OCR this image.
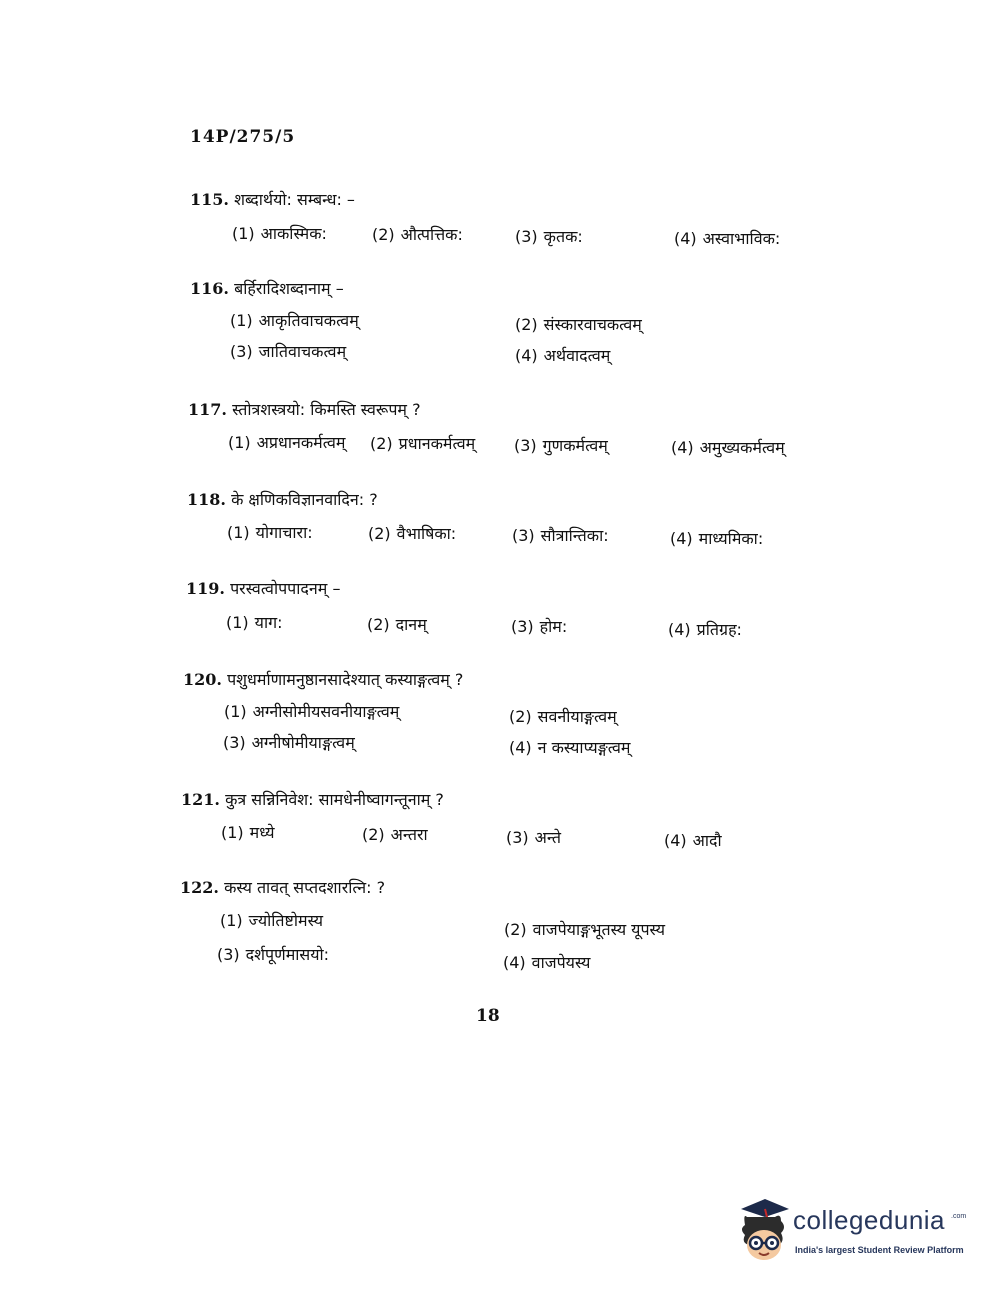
14P/275/5
115. शब्दार्थयो: सम्बन्ध: –
(1) आकस्मिक:	(2) औत्पत्तिक:	(3) कृतक:	(4) अस्वाभाविक:
116. बर्हिरादिशब्दानाम् –
(1) आकृतिवाचकत्वम्	(2) संस्कारवाचकत्वम्
(3) जातिवाचकत्वम्	(4) अर्थवादत्वम्
117. स्तोत्रशस्त्रयो: किमस्ति स्वरूपम् ?
(1) अप्रधानकर्मत्वम् (2) प्रधानकर्मत्वम् (3) गुणकर्मत्वम्	(4) अमुख्यकर्मत्वम्
118. के क्षणिकविज्ञानवादिन: ?
(1) योगाचारा:	(2) वैभाषिका:	(3) सौत्रान्तिका:	(4) माध्यमिका:
119. परस्वत्वोपपादनम् –
(1) याग:	(2) दानम्	(3) होम:	(4) प्रतिग्रह:
120. पशुधर्माणामनुष्ठानसादेश्यात् कस्याङ्गत्वम् ?
(1) अग्नीसोमीयसवनीयाङ्गत्वम्	(2) सवनीयाङ्गत्वम्
(3) अग्नीषोमीयाङ्गत्वम्	(4) न कस्याप्यङ्गत्वम्
121. कुत्र सन्निनिवेश: सामधेनीष्वागन्तूनाम् ?
(1) मध्ये	(2) अन्तरा	(3) अन्ते	(4) आदौ
122. कस्य तावत् सप्तदशारत्नि: ?
(1) ज्योतिष्टोमस्य	(2) वाजपेयाङ्गभूतस्य यूपस्य
(3) दर्शपूर्णमासयो:	(4) वाजपेयस्य
18
collegedunia .com
India's largest Student Review Platform
